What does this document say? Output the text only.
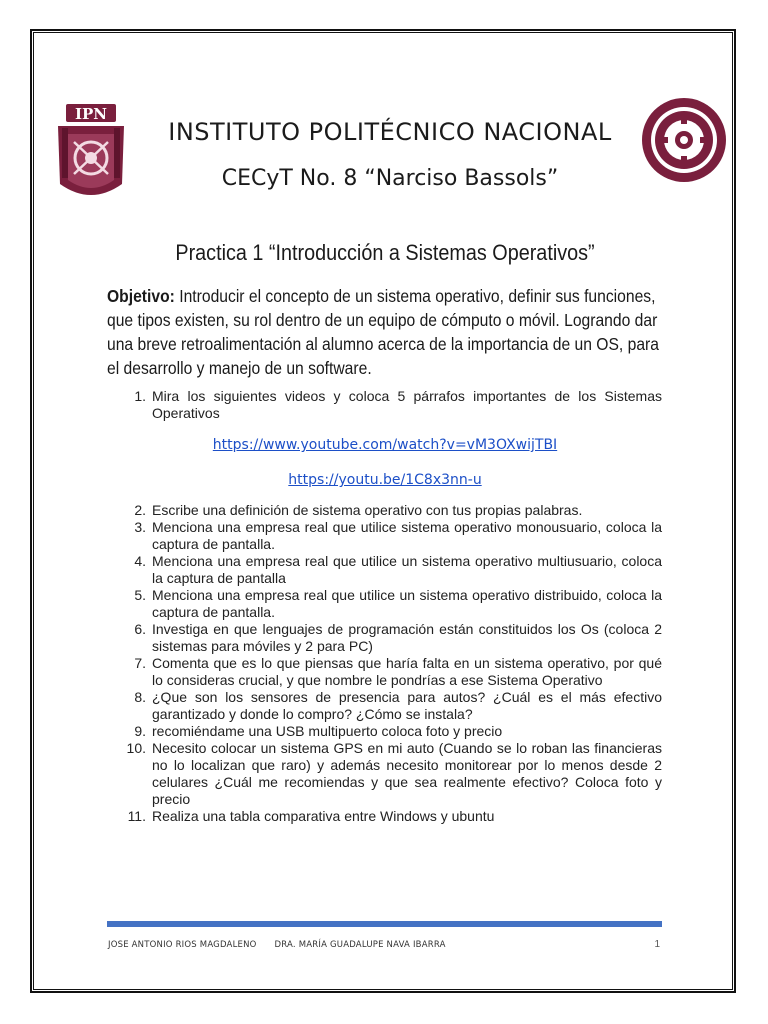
IPN
INSTITUTO POLITÉCNICO NACIONAL
CECyT No. 8 “Narciso Bassols”
Practica 1 “Introducción a Sistemas Operativos”
Objetivo: Introducir el concepto de un sistema operativo, definir sus funciones, que tipos existen, su rol dentro de un equipo de cómputo o móvil. Logrando dar una breve retroalimentación al alumno acerca de la importancia de un OS, para el desarrollo y manejo de un software.
1. Mira los siguientes videos y coloca 5 párrafos importantes de los Sistemas Operativos
https://www.youtube.com/watch?v=vM3OXwijTBI
https://youtu.be/1C8x3nn-u
2. Escribe una definición de sistema operativo con tus propias palabras.
3. Menciona una empresa real que utilice sistema operativo monousuario, coloca la captura de pantalla.
4. Menciona una empresa real que utilice un sistema operativo multiusuario, coloca la captura de pantalla
5. Menciona una empresa real que utilice un sistema operativo distribuido, coloca la captura de pantalla.
6. Investiga en que lenguajes de programación están constituidos los Os (coloca 2 sistemas para móviles y 2 para PC)
7. Comenta que es lo que piensas que haría falta en un sistema operativo, por qué lo consideras crucial, y que nombre le pondrías a ese Sistema Operativo
8. ¿Que son los sensores de presencia para autos? ¿Cuál es el más efectivo garantizado y donde lo compro? ¿Cómo se instala?
9. recomiéndame una USB multipuerto coloca foto y precio
10. Necesito colocar un sistema GPS en mi auto (Cuando se lo roban las financieras no lo localizan que raro) y además necesito monitorear por lo menos desde 2 celulares ¿Cuál me recomiendas y que sea realmente efectivo? Coloca foto y precio
11. Realiza una tabla comparativa entre Windows y ubuntu
JOSE ANTONIO RIOS MAGDALENO DRA. MARÍA GUADALUPE NAVA IBARRA	1
